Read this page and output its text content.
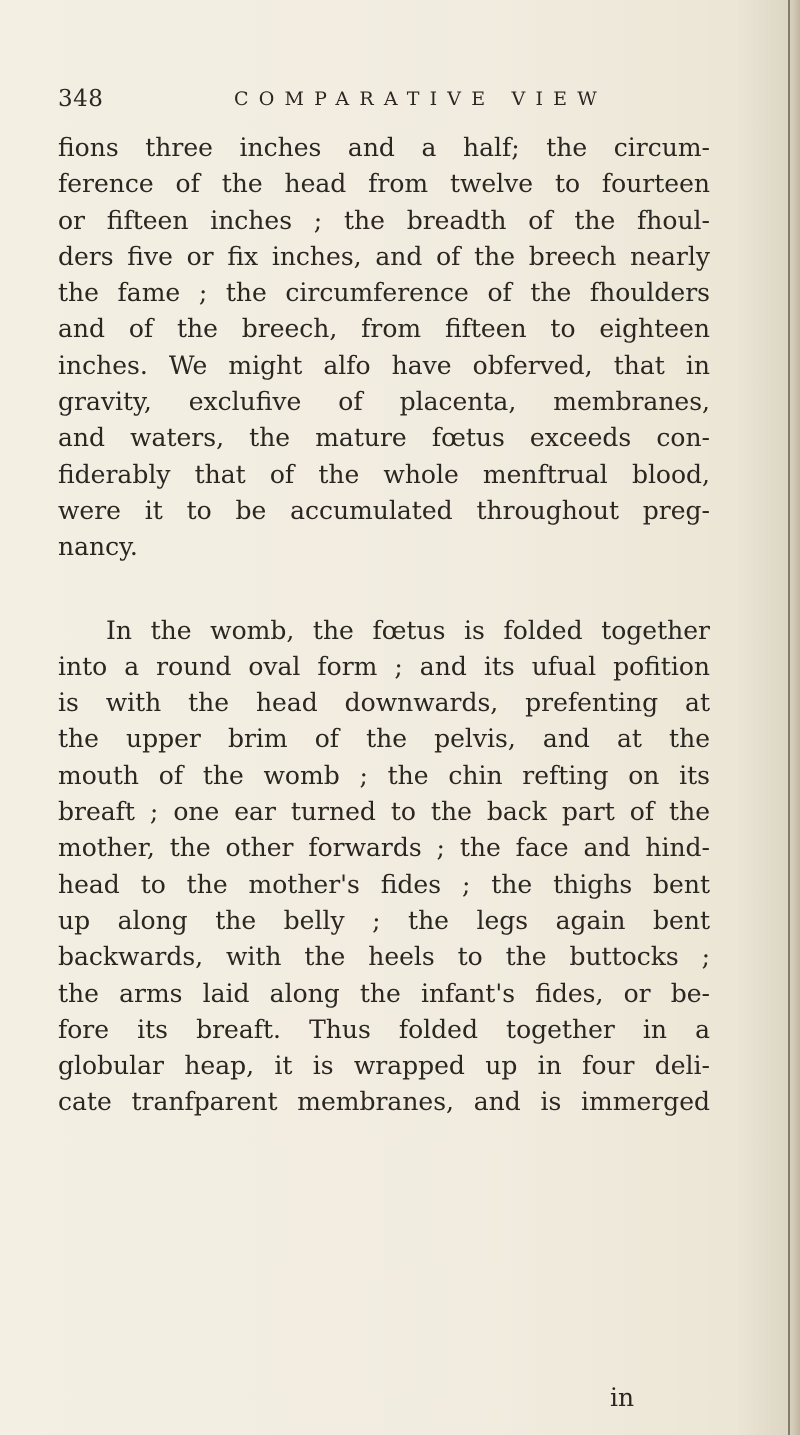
348	COMPARATIVE VIEW
fions three inches and a half; the circum-
ference of the head from twelve to fourteen
or fifteen inches ; the breadth of the fhoul-
ders five or fix inches, and of the breech nearly
the fame ; the circumference of the fhoulders
and of the breech, from fifteen to eighteen
inches. We might alfo have obferved, that in
gravity, exclufive of placenta, membranes,
and waters, the mature fœtus exceeds con-
fiderably that of the whole menftrual blood,
were it to be accumulated throughout preg-
nancy.
In the womb, the fœtus is folded together
into a round oval form ; and its ufual pofition
is with the head downwards, prefenting at
the upper brim of the pelvis, and at the
mouth of the womb ; the chin refting on its
breaft ; one ear turned to the back part of the
mother, the other forwards ; the face and hind-
head to the mother's fides ; the thighs bent
up along the belly ; the legs again bent
backwards, with the heels to the buttocks ;
the arms laid along the infant's fides, or be-
fore its breaft. Thus folded together in a
globular heap, it is wrapped up in four deli-
cate tranfparent membranes, and is immerged
in
